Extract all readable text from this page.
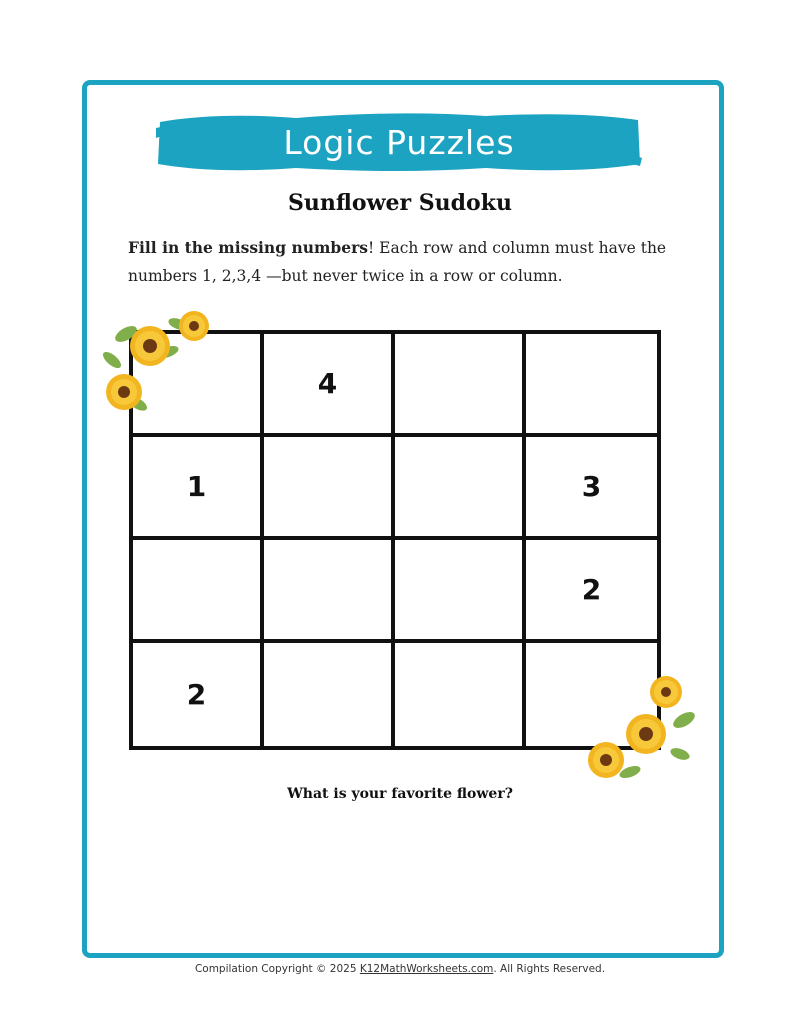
Logic Puzzles
Sunflower Sudoku
Fill in the missing numbers! Each row and column must have the numbers 1, 2,3,4 —but never twice in a row or column.
4
1	3
2
2
What is your favorite flower?
Compilation Copyright © 2025 K12MathWorksheets.com. All Rights Reserved.
